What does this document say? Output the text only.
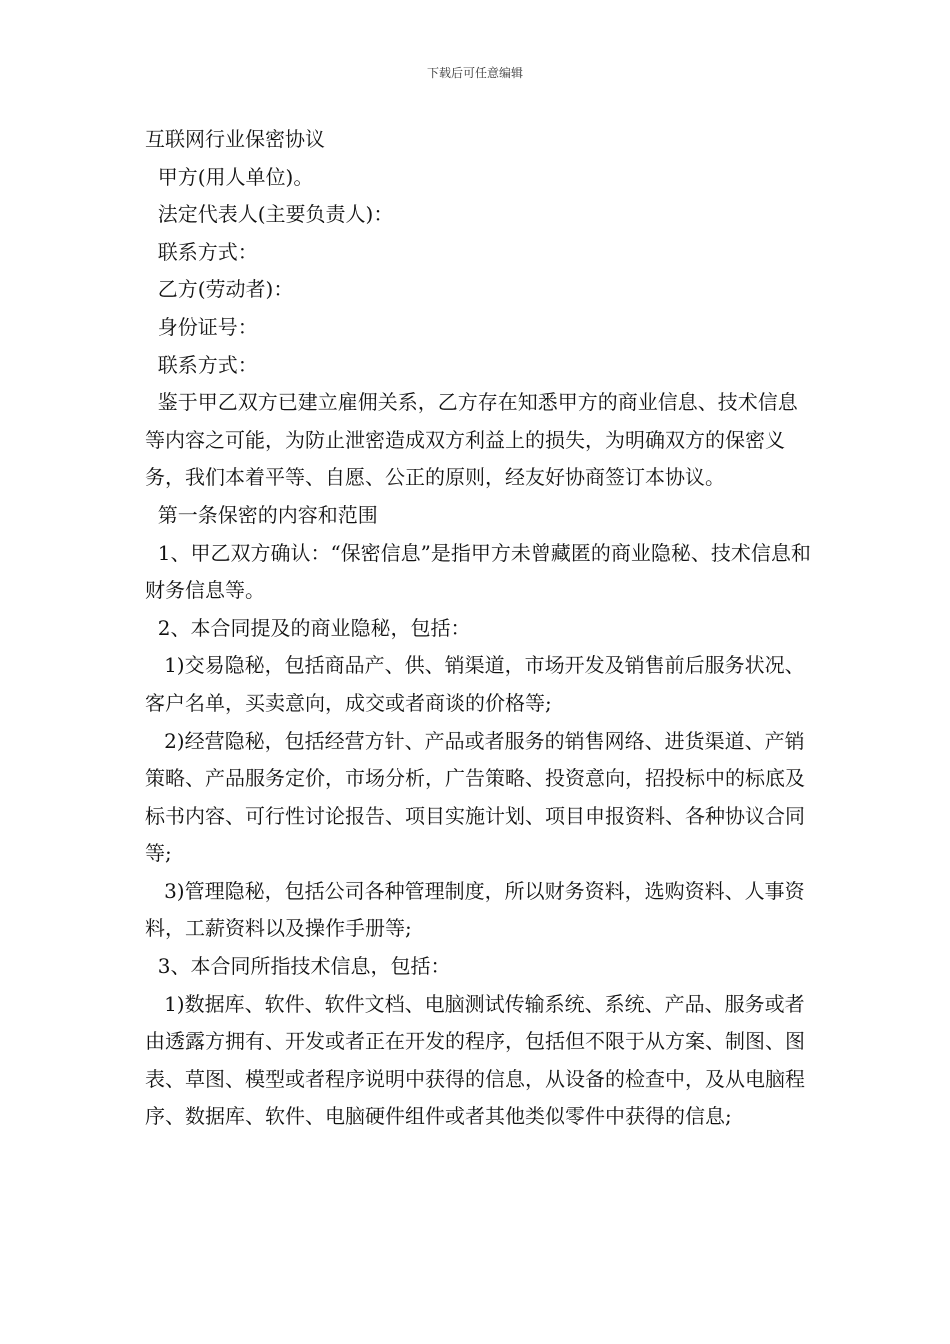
下载后可任意编辑

互联网行业保密协议

甲方(用人单位)。

法定代表人(主要负责人)：

联系方式：

乙方(劳动者)：

身份证号：

联系方式：

鉴于甲乙双方已建立雇佣关系，乙方存在知悉甲方的商业信息、技术信息等内容之可能，为防止泄密造成双方利益上的损失，为明确双方的保密义务，我们本着平等、自愿、公正的原则，经友好协商签订本协议。

第一条保密的内容和范围

1、甲乙双方确认：“保密信息”是指甲方未曾藏匿的商业隐秘、技术信息和财务信息等。

2、本合同提及的商业隐秘，包括：

1)交易隐秘，包括商品产、供、销渠道，市场开发及销售前后服务状况、客户名单，买卖意向，成交或者商谈的价格等;

2)经营隐秘，包括经营方针、产品或者服务的销售网络、进货渠道、产销策略、产品服务定价，市场分析，广告策略、投资意向，招投标中的标底及标书内容、可行性讨论报告、项目实施计划、项目申报资料、各种协议合同等;

3)管理隐秘，包括公司各种管理制度，所以财务资料，选购资料、人事资料，工薪资料以及操作手册等;

3、本合同所指技术信息，包括：

1)数据库、软件、软件文档、电脑测试传输系统、系统、产品、服务或者由透露方拥有、开发或者正在开发的程序，包括但不限于从方案、制图、图表、草图、模型或者程序说明中获得的信息，从设备的检查中，及从电脑程序、数据库、软件、电脑硬件组件或者其他类似零件中获得的信息;
